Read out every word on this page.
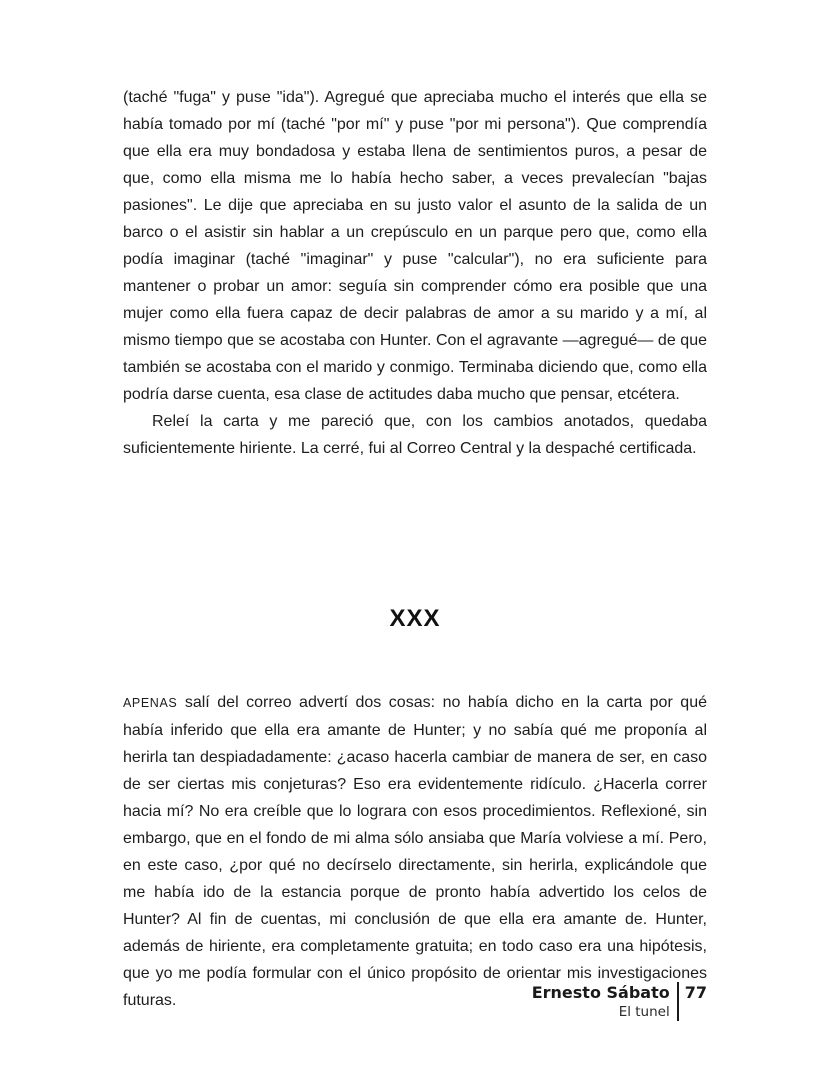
(taché "fuga" y puse "ida"). Agregué que apreciaba mucho el interés que ella se había tomado por mí (taché "por mí" y puse "por mi persona"). Que comprendía que ella era muy bondadosa y estaba llena de sentimientos puros, a pesar de que, como ella misma me lo había hecho saber, a veces prevalecían "bajas pasiones". Le dije que apreciaba en su justo valor el asunto de la salida de un barco o el asistir sin hablar a un crepúsculo en un parque pero que, como ella podía imaginar (taché "imaginar" y puse "calcular"), no era suficiente para mantener o probar un amor: seguía sin comprender cómo era posible que una mujer como ella fuera capaz de decir palabras de amor a su marido y a mí, al mismo tiempo que se acostaba con Hunter. Con el agravante —agregué— de que también se acostaba con el marido y conmigo. Terminaba diciendo que, como ella podría darse cuenta, esa clase de actitudes daba mucho que pensar, etcétera.

Releí la carta y me pareció que, con los cambios anotados, quedaba suficientemente hiriente. La cerré, fui al Correo Central y la despaché certificada.

XXX

APENAS salí del correo advertí dos cosas: no había dicho en la carta por qué había inferido que ella era amante de Hunter; y no sabía qué me proponía al herirla tan despiadadamente: ¿acaso hacerla cambiar de manera de ser, en caso de ser ciertas mis conjeturas? Eso era evidentemente ridículo. ¿Hacerla correr hacia mí? No era creíble que lo lograra con esos procedimientos. Reflexioné, sin embargo, que en el fondo de mi alma sólo ansiaba que María volviese a mí. Pero, en este caso, ¿por qué no decírselo directamente, sin herirla, explicándole que me había ido de la estancia porque de pronto había advertido los celos de Hunter? Al fin de cuentas, mi conclusión de que ella era amante de. Hunter, además de hiriente, era completamente gratuita; en todo caso era una hipótesis, que yo me podía formular con el único propósito de orientar mis investigaciones futuras.	Ernesto Sábato
El tunel
77
